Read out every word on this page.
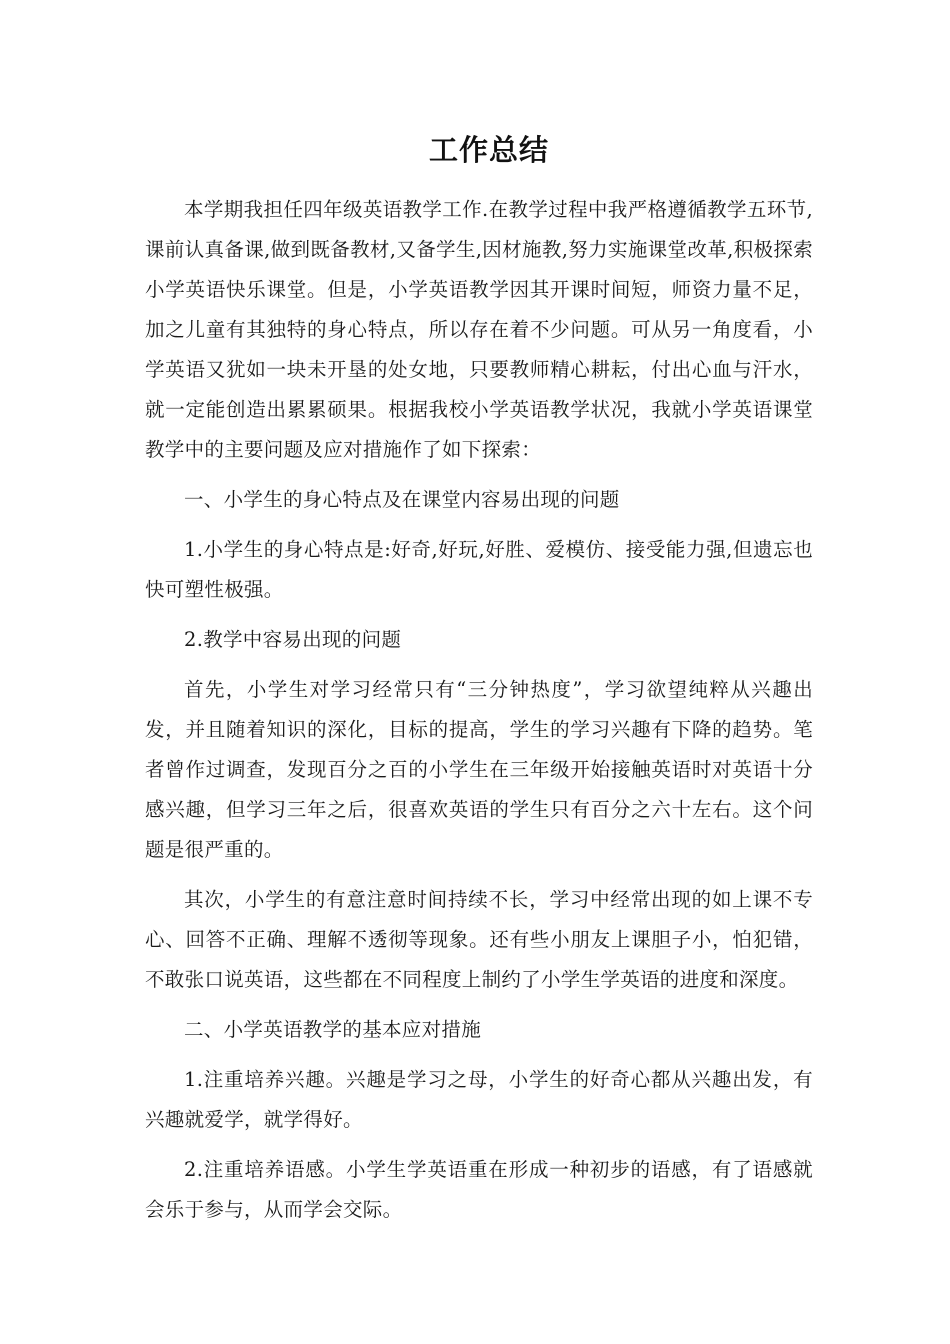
工作总结

本学期我担任四年级英语教学工作.在教学过程中我严格遵循教学五环节,课前认真备课,做到既备教材,又备学生,因材施教,努力实施课堂改革,积极探索小学英语快乐课堂。但是，小学英语教学因其开课时间短，师资力量不足，加之儿童有其独特的身心特点，所以存在着不少问题。可从另一角度看，小学英语又犹如一块未开垦的处女地，只要教师精心耕耘，付出心血与汗水，就一定能创造出累累硕果。根据我校小学英语教学状况，我就小学英语课堂教学中的主要问题及应对措施作了如下探索：

一、小学生的身心特点及在课堂内容易出现的问题

1.小学生的身心特点是:好奇,好玩,好胜、爱模仿、接受能力强,但遗忘也快可塑性极强。

2.教学中容易出现的问题

首先，小学生对学习经常只有“三分钟热度”，学习欲望纯粹从兴趣出发，并且随着知识的深化，目标的提高，学生的学习兴趣有下降的趋势。笔者曾作过调查，发现百分之百的小学生在三年级开始接触英语时对英语十分感兴趣，但学习三年之后，很喜欢英语的学生只有百分之六十左右。这个问题是很严重的。

其次，小学生的有意注意时间持续不长，学习中经常出现的如上课不专心、回答不正确、理解不透彻等现象。还有些小朋友上课胆子小，怕犯错，不敢张口说英语，这些都在不同程度上制约了小学生学英语的进度和深度。

二、小学英语教学的基本应对措施

1.注重培养兴趣。兴趣是学习之母，小学生的好奇心都从兴趣出发，有兴趣就爱学，就学得好。

2.注重培养语感。小学生学英语重在形成一种初步的语感，有了语感就会乐于参与，从而学会交际。
